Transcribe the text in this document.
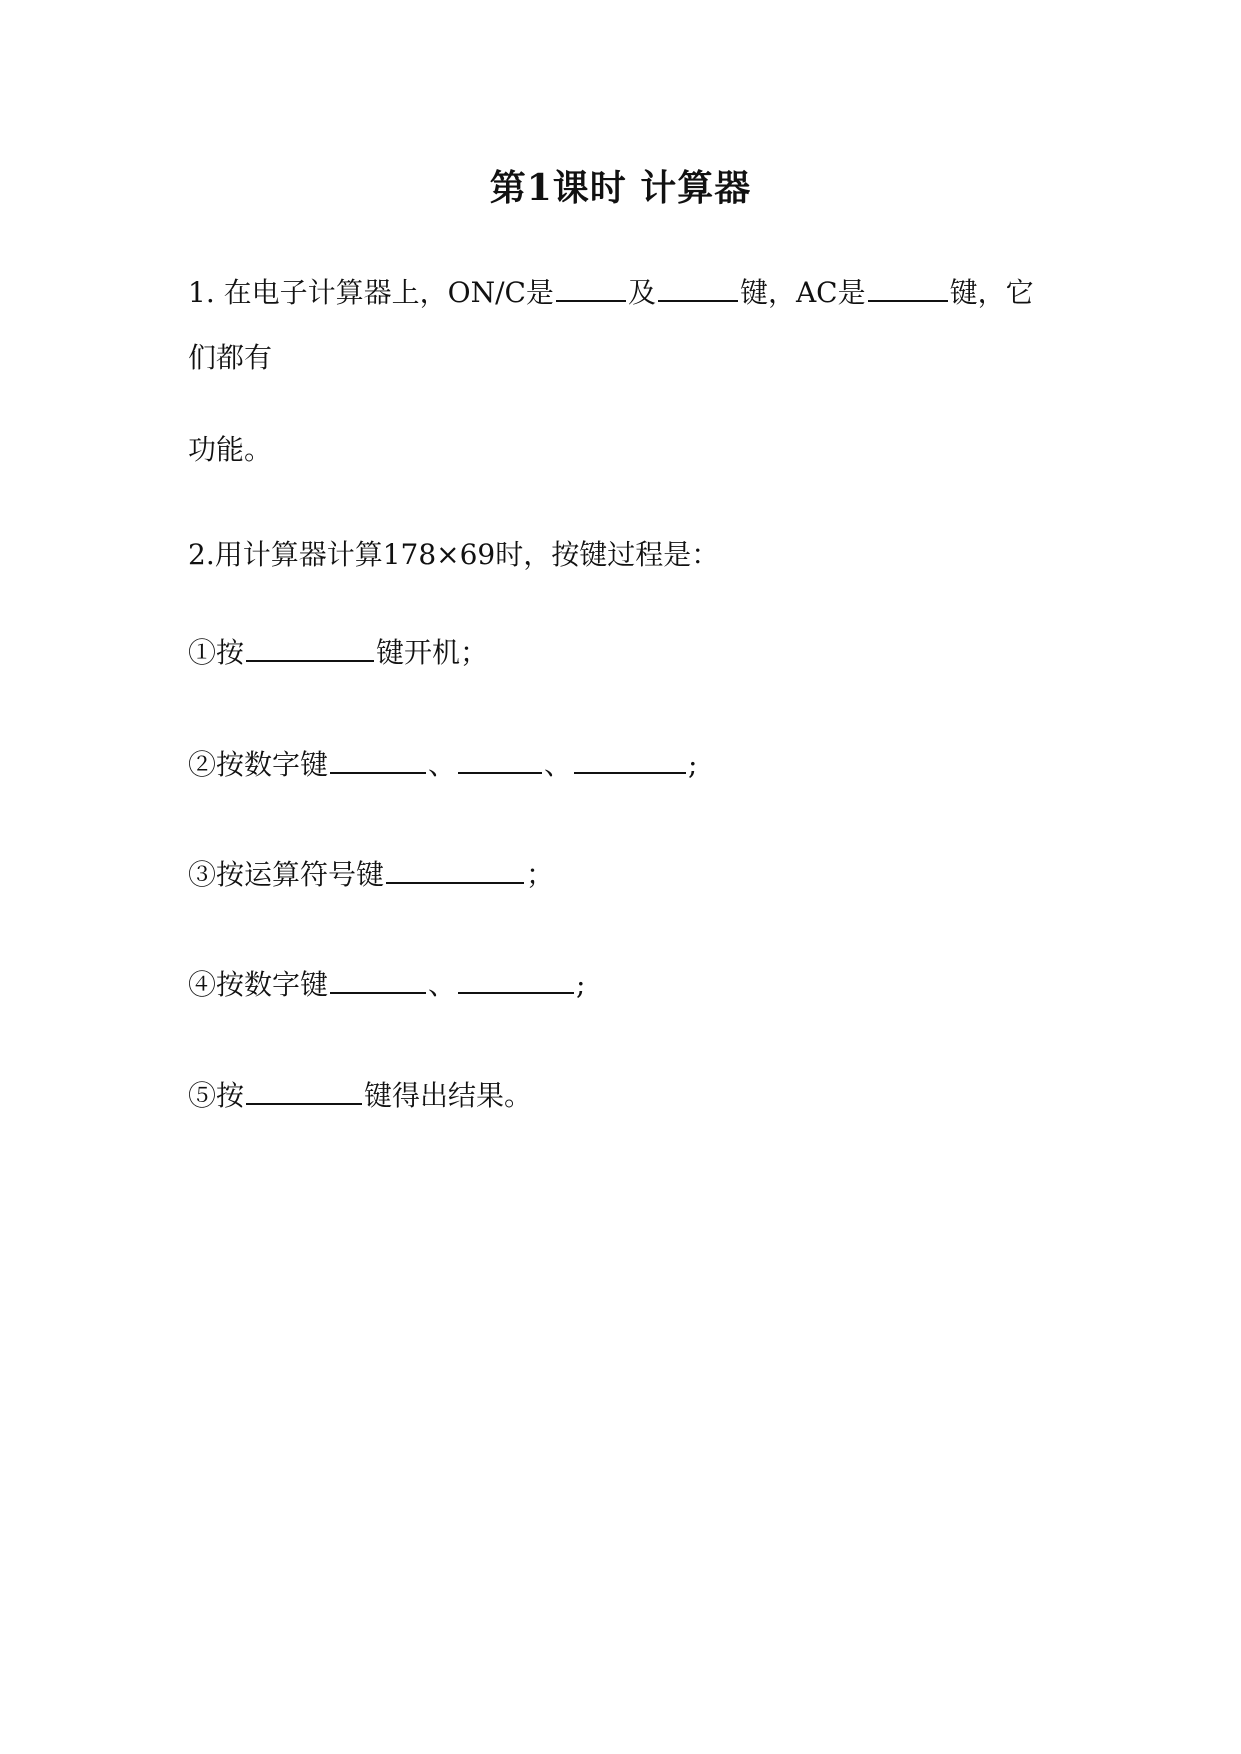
第1课时 计算器
1. 在电子计算器上，ON/C是	及	键，AC是	键，它
们都有
功能。
2.用计算器计算178×69时，按键过程是：
①按	键开机；
②按数字键	、	、	;
③按运算符号键	；
④按数字键	、	;
⑤按	键得出结果。
